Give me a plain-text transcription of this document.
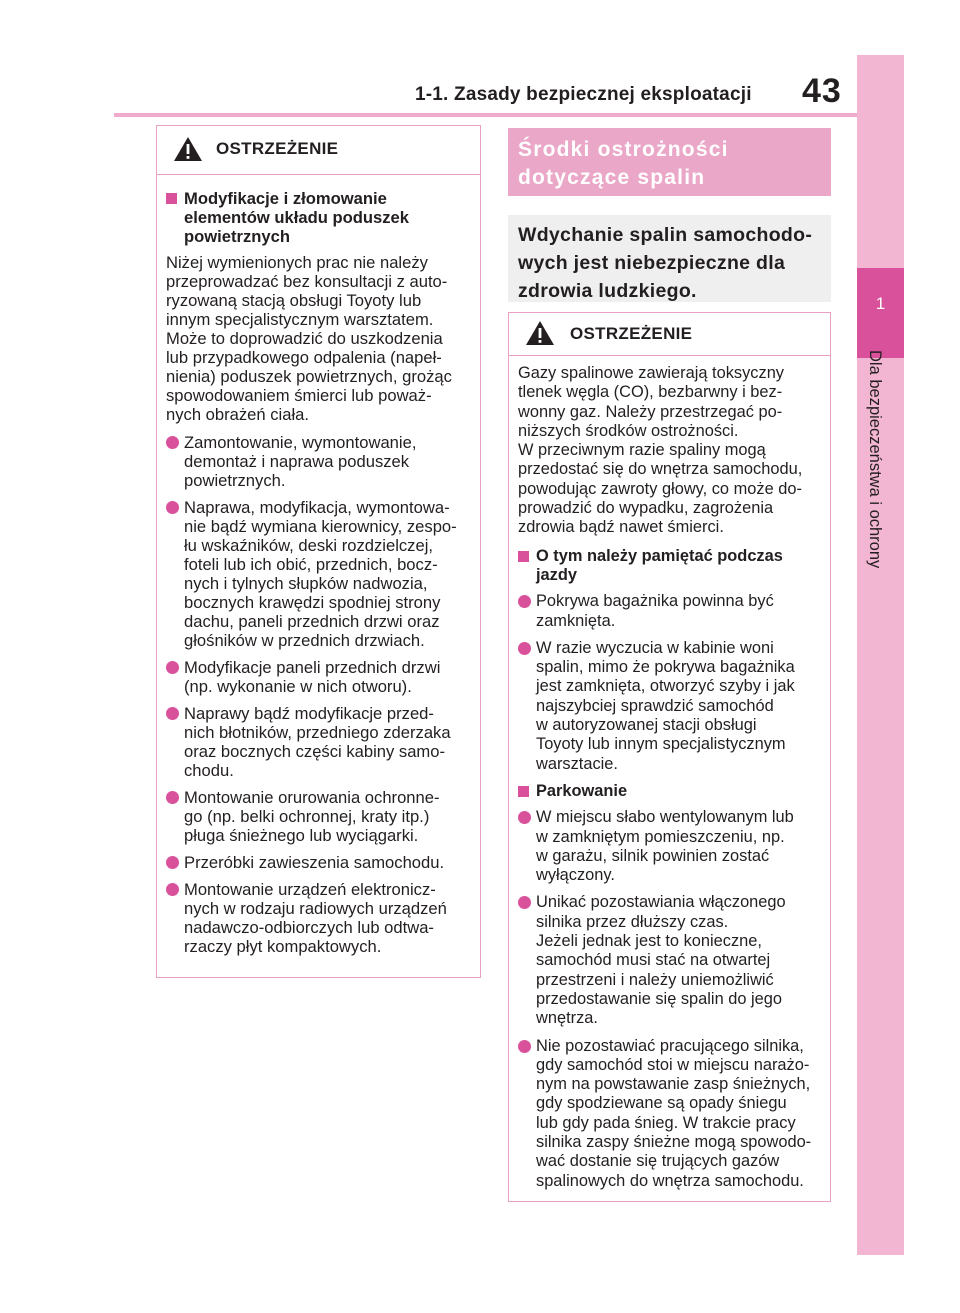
1-1. Zasady bezpiecznej eksploatacji 43
1
Dla bezpieczeństwa i ochrony
OSTRZEŻENIE
Modyfikacje i złomowanie elementów układu poduszek powietrznych
Niżej wymienionych prac nie należy
przeprowadzać bez konsultacji z auto-
ryzowaną stacją obsługi Toyoty lub
innym specjalistycznym warsztatem.
Może to doprowadzić do uszkodzenia
lub przypadkowego odpalenia (napeł-
nienia) poduszek powietrznych, grożąc
spowodowaniem śmierci lub poważ-
nych obrażeń ciała.
Zamontowanie, wymontowanie,
demontaż i naprawa poduszek
powietrznych.
Naprawa, modyfikacja, wymontowa-
nie bądź wymiana kierownicy, zespo-
łu wskaźników, deski rozdzielczej,
foteli lub ich obić, przednich, bocz-
nych i tylnych słupków nadwozia,
bocznych krawędzi spodniej strony
dachu, paneli przednich drzwi oraz
głośników w przednich drzwiach.
Modyfikacje paneli przednich drzwi
(np. wykonanie w nich otworu).
Naprawy bądź modyfikacje przed-
nich błotników, przedniego zderzaka
oraz bocznych części kabiny samo-
chodu.
Montowanie orurowania ochronne-
go (np. belki ochronnej, kraty itp.)
pługa śnieżnego lub wyciągarki.
Przeróbki zawieszenia samochodu.
Montowanie urządzeń elektronicz-
nych w rodzaju radiowych urządzeń
nadawczo-odbiorczych lub odtwa-
rzaczy płyt kompaktowych.
Środki ostrożności
dotyczące spalin
Wdychanie spalin samochodo-
wych jest niebezpieczne dla
zdrowia ludzkiego.
OSTRZEŻENIE
Gazy spalinowe zawierają toksyczny
tlenek węgla (CO), bezbarwny i bez-
wonny gaz. Należy przestrzegać po-
niższych środków ostrożności.
W przeciwnym razie spaliny mogą
przedostać się do wnętrza samochodu,
powodując zawroty głowy, co może do-
prowadzić do wypadku, zagrożenia
zdrowia bądź nawet śmierci.
O tym należy pamiętać podczas
jazdy
Pokrywa bagażnika powinna być
zamknięta.
W razie wyczucia w kabinie woni
spalin, mimo że pokrywa bagażnika
jest zamknięta, otworzyć szyby i jak
najszybciej sprawdzić samochód
w autoryzowanej stacji obsługi
Toyoty lub innym specjalistycznym
warsztacie.
Parkowanie
W miejscu słabo wentylowanym lub
w zamkniętym pomieszczeniu, np.
w garażu, silnik powinien zostać
wyłączony.
Unikać pozostawiania włączonego
silnika przez dłuższy czas.
Jeżeli jednak jest to konieczne,
samochód musi stać na otwartej
przestrzeni i należy uniemożliwić
przedostawanie się spalin do jego
wnętrza.
Nie pozostawiać pracującego silnika,
gdy samochód stoi w miejscu narażo-
nym na powstawanie zasp śnieżnych,
gdy spodziewane są opady śniegu
lub gdy pada śnieg. W trakcie pracy
silnika zaspy śnieżne mogą spowodo-
wać dostanie się trujących gazów
spalinowych do wnętrza samochodu.
